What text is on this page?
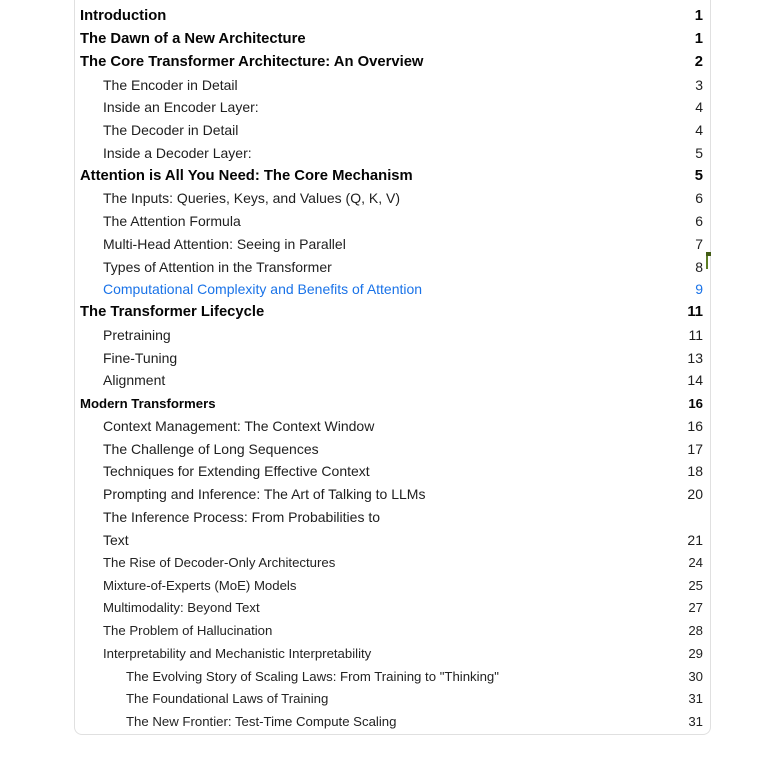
Introduction	1
The Dawn of a New Architecture	1
The Core Transformer Architecture: An Overview	2
The Encoder in Detail	3
Inside an Encoder Layer:	4
The Decoder in Detail	4
Inside a Decoder Layer:	5
Attention is All You Need: The Core Mechanism	5
The Inputs: Queries, Keys, and Values (Q, K, V)	6
The Attention Formula	6
Multi-Head Attention: Seeing in Parallel	7
Types of Attention in the Transformer	8
Computational Complexity and Benefits of Attention	9
The Transformer Lifecycle	11
Pretraining	11
Fine-Tuning	13
Alignment	14
Modern Transformers	16
Context Management: The Context Window	16
The Challenge of Long Sequences	17
Techniques for Extending Effective Context	18
Prompting and Inference: The Art of Talking to LLMs	20
The Inference Process: From Probabilities to
Text	21
The Rise of Decoder-Only Architectures	24
Mixture-of-Experts (MoE) Models	25
Multimodality: Beyond Text	27
The Problem of Hallucination	28
Interpretability and Mechanistic Interpretability	29
The Evolving Story of Scaling Laws: From Training to "Thinking"	30
The Foundational Laws of Training	31
The New Frontier: Test-Time Compute Scaling	31
